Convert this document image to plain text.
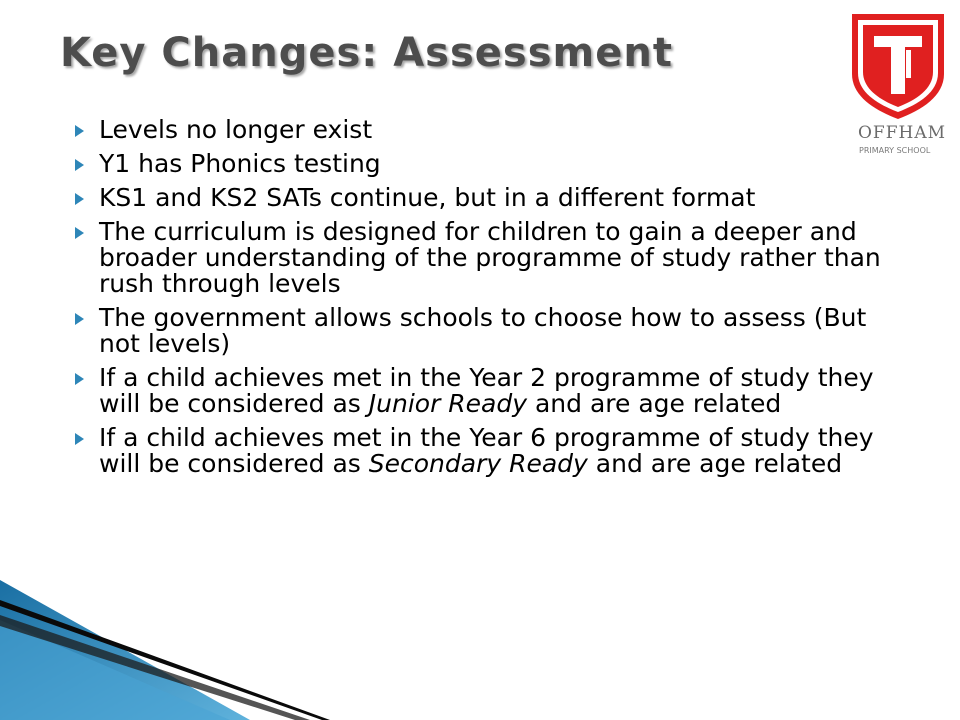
Key Changes: Assessment
OFFHAM
PRIMARY SCHOOL
Levels no longer exist
Y1 has Phonics testing
KS1 and KS2 SATs continue, but in a different format
The curriculum is designed for children to gain a deeper and broader understanding of the programme of study rather than rush through levels
The government allows schools to choose how to assess (But not levels)
If a child achieves met in the Year 2 programme of study they will be considered as Junior Ready and are age related
If a child achieves met in the Year 6 programme of study they will be considered as Secondary Ready and are age related
